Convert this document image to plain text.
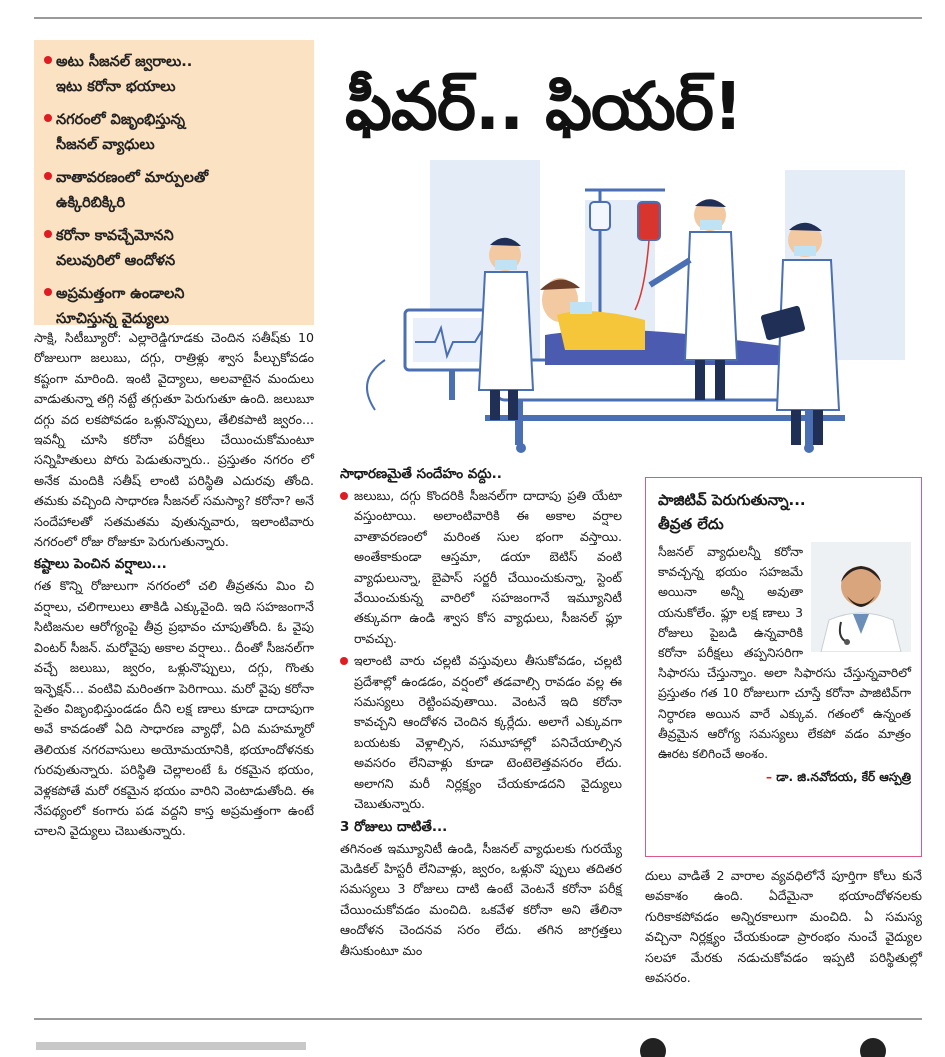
అటు సీజనల్ జ్వరాలు..
ఇటు కరోనా భయాలు
నగరంలో విజృంభిస్తున్న
సీజనల్ వ్యాధులు
వాతావరణంలో మార్పులతో
ఉక్కిరిబిక్కిరి
కరోనా కావచ్చేమోనని
వలువురిలో ఆందోళన
అప్రమత్తంగా ఉండాలని
సూచిస్తున్న వైద్యులు
ఫీవర్.. ఫియర్!

సాక్షి, సిటీబ్యూరో: ఎల్లారెడ్డిగూడకు చెందిన సతీష్‌కు 10 రోజులుగా జలుబు, దగ్గు, రాత్రిళ్లు శ్వాస పీల్చుకోవడం కష్టంగా మారింది. ఇంటి వైద్యాలు, అలవాటైన మందులు వాడుతున్నా తగ్గి నట్టే తగ్గుతూ పెరుగుతూ ఉంది. జలుబూ దగ్గు వద లకపోవడం ఒళ్లునొప్పులు, తేలికపాటి జ్వరం... ఇవన్నీ చూసి కరోనా పరీక్షలు చేయించుకోమంటూ సన్నిహితులు పోరు పెడుతున్నారు.. ప్రస్తుతం నగరం లో అనేక మందికి సతీష్ లాంటి పరిస్థితి ఎదురవు తోంది. తమకు వచ్చింది సాధారణ సీజనల్ సమస్యా? కరోనా? అనే సందేహాలతో సతమతమ వుతున్నవారు, ఇలాంటివారు నగరంలో రోజు రోజుకూ పెరుగుతున్నారు.

కష్టాలు పెంచిన వర్షాలు...

గత కొన్ని రోజులుగా నగరంలో చలి తీవ్రతను మిం చి వర్షాలు, చలిగాలులు తాకిడి ఎక్కువైంది. ఇది సహజంగానే సిటిజనుల ఆరోగ్యంపై తీవ్ర ప్రభావం చూపుతోంది. ఓ వైపు వింటర్ సీజన్. మరోవైపు అకాల వర్షాలు.. దీంతో సీజనల్‌గా వచ్చే జలుబు, జ్వరం, ఒళ్లునొప్పులు, దగ్గు, గొంతు ఇన్ఫెక్షన్... వంటివి మరింతగా పెరిగాయి. మరో వైపు కరోనా సైతం విజృంభిస్తుండడం దీని లక్ష ణాలు కూడా దాదాపుగా అవే కావడంతో ఏది సాధారణ వ్యాధో, ఏది మహమ్మారో తెలియక నగరవాసులు అయోమయానికి, భయాందోళనకు గురవుతున్నారు. పరిస్థితి చెల్లాలంటే ఓ రకమైన భయం, వెళ్లకపోతే మరో రకమైన భయం వారిని వెంటాడుతోంది. ఈ నేపథ్యంలో కంగారు పడ వద్దని కాస్త అప్రమత్తంగా ఉంటే చాలని వైద్యులు చెబుతున్నారు.

సాధారణమైతే సందేహం వద్దు..

జలుబు, దగ్గు కొందరికి సీజనల్‌గా దాదాపు ప్రతి యేటా వస్తుంటాయి. అలాంటివారికి ఈ అకాల వర్షాల వాతావరణంలో మరింత సుల భంగా వస్తాయి. అంతేకాకుండా ఆస్తమా, డయా బెటిస్ వంటి వ్యాధులున్నా, బైపాస్ సర్జరీ చేయించుకున్నా, స్టెంట్ వేయించుకున్న వారిలో సహజంగానే ఇమ్యూనిటీ తక్కువగా ఉండి శ్వాస కోస వ్యాధులు, సీజనల్ ఫ్లూ రావచ్చు.

ఇలాంటి వారు చల్లటి వస్తువులు తీసుకోవడం, చల్లటి ప్రదేశాల్లో ఉండడం, వర్షంలో తడవాల్సి రావడం వల్ల ఈ సమస్యలు రెట్టింపవుతాయి. వెంటనే ఇది కరోనా కావచ్చని ఆందోళన చెందిన క్కర్లేదు. అలాగే ఎక్కువగా బయటకు వెళ్లాల్సిన, సమూహాల్లో పనిచేయాల్సిన అవసరం లేనివాళ్లు కూడా టెంటెలెత్తవసరం లేదు. అలాగని మరీ నిర్లక్ష్యం చేయకూడదని వైద్యులు చెబుతున్నారు.

3 రోజులు దాటితే...

తగినంత ఇమ్యూనిటీ ఉండి, సీజనల్ వ్యాధులకు గురయ్యే మెడికల్ హిస్టరీ లేనివాళ్లు, జ్వరం, ఒళ్లునొ ప్పులు తదితర సమస్యలు 3 రోజులు దాటి ఉంటే వెంటనే కరోనా పరీక్ష చేయించుకోవడం మంచిది. ఒకవేళ కరోనా అని తేలినా ఆందోళన చెందనవ సరం లేదు. తగిన జాగ్రత్తలు తీసుకుంటూ మం

పాజిటివ్ పెరుగుతున్నా...
తీవ్రత లేదు
సీజనల్ వ్యాధులన్నీ కరోనా కావచ్చన్న భయం సహజమే అయినా అన్నీ అవుతా యనుకోలేం. ఫ్లూ లక్ష ణాలు 3 రోజులు పైబడి ఉన్నవారికి కరోనా పరీక్షలు తప్పనిసరిగా సిఫారసు చేస్తున్నాం. అలా సిఫారసు చేస్తున్నవారిలో ప్రస్తుతం గత 10 రోజులుగా చూస్తే కరోనా పాజిటివ్‌గా నిర్ధారణ అయిన వారే ఎక్కువ. గతంలో ఉన్నంత తీవ్రమైన ఆరోగ్య సమస్యలు లేకపో వడం మాత్రం ఊరట కలిగించే అంశం.
– డా. జి.నవోదయ, కేర్ ఆస్పత్రి

దులు వాడితే 2 వారాల వ్యవధిలోనే పూర్తిగా కోలు కునే అవకాశం ఉంది. ఏదేమైనా భయాందోళనలకు గురికాకపోవడం అన్నిరకాలుగా మంచిది. ఏ సమస్య వచ్చినా నిర్లక్ష్యం చేయకుండా ప్రారంభం నుంచే వైద్యుల సలహా మేరకు నడుచుకోవడం ఇప్పటి పరిస్థితుల్లో అవసరం.
